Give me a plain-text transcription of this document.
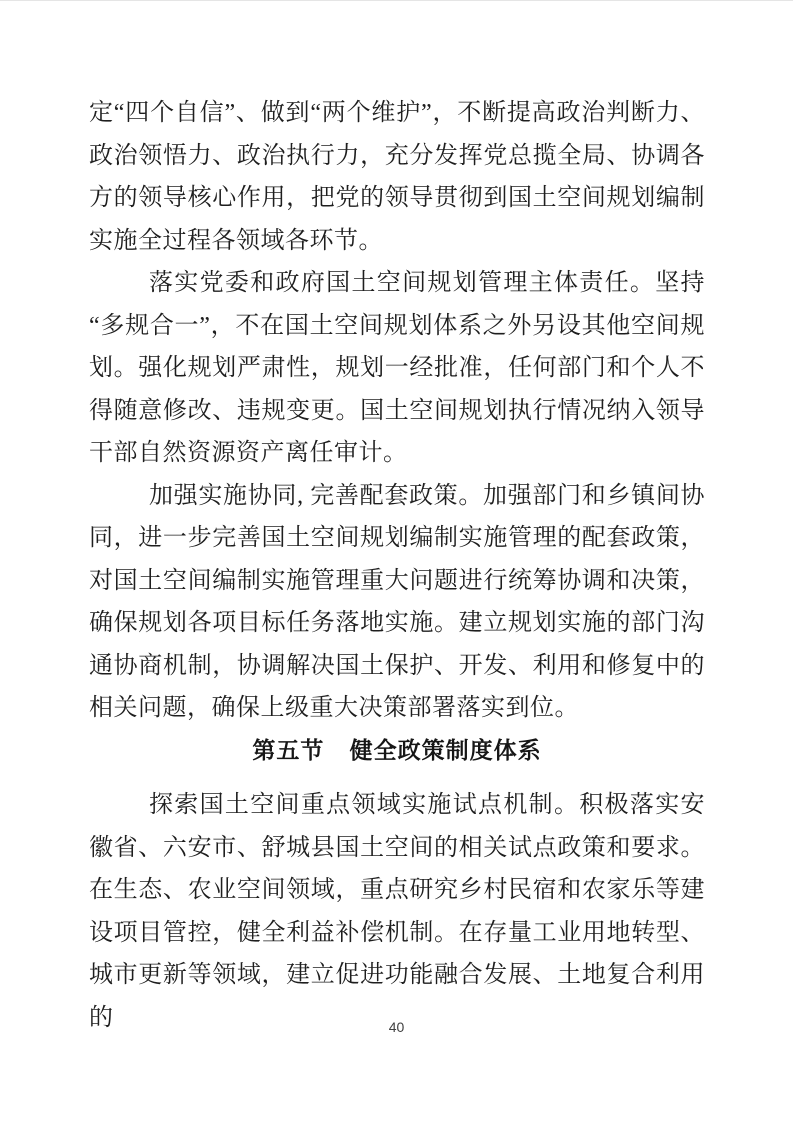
定“四个自信”、做到“两个维护”，不断提高政治判断力、政治领悟力、政治执行力，充分发挥党总揽全局、协调各方的领导核心作用，把党的领导贯彻到国土空间规划编制实施全过程各领域各环节。

落实党委和政府国土空间规划管理主体责任。坚持“多规合一”，不在国土空间规划体系之外另设其他空间规划。强化规划严肃性，规划一经批准，任何部门和个人不得随意修改、违规变更。国土空间规划执行情况纳入领导干部自然资源资产离任审计。

加强实施协同, 完善配套政策。加强部门和乡镇间协同，进一步完善国土空间规划编制实施管理的配套政策，对国土空间编制实施管理重大问题进行统筹协调和决策，确保规划各项目标任务落地实施。建立规划实施的部门沟通协商机制，协调解决国土保护、开发、利用和修复中的相关问题，确保上级重大决策部署落实到位。

第五节 健全政策制度体系

探索国土空间重点领域实施试点机制。积极落实安徽省、六安市、舒城县国土空间的相关试点政策和要求。在生态、农业空间领域，重点研究乡村民宿和农家乐等建设项目管控，健全利益补偿机制。在存量工业用地转型、城市更新等领域，建立促进功能融合发展、土地复合利用的	40
